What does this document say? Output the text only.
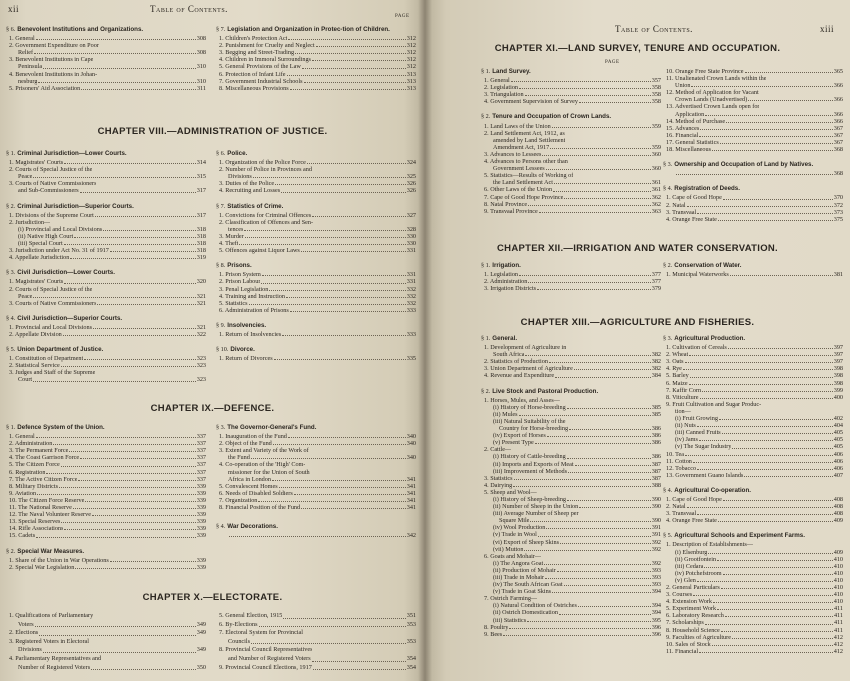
xii	Table of Contents.
§ 6. Benevolent Institutions and Organizations.
1. General	308
2. Government Expenditure on Poor
Relief	308
3. Benevolent Institutions in Cape
Peninsula	310
4. Benevolent Institutions in Johan-
nesburg	310
5. Prisoners' Aid Association	311
PAGE
§ 7. Legislation and Organization in Protec-tion of Children.
1. Children's Protection Act	312
2. Punishment for Cruelty and Neglect	312
3. Begging and Street-Trading	312
4. Children in Immoral Surroundings	312
5. General Provisions of the Law	312
6. Protection of Infant Life	313
7. Government Industrial Schools	313
8. Miscellaneous Provisions	313
CHAPTER VIII.—ADMINISTRATION OF JUSTICE.
§ 1. Criminal Jurisdiction—Lower Courts.
1. Magistrates' Courts	314
2. Courts of Special Justice of the
Peace	315
3. Courts of Native Commissioners
and Sub-Commissioners	317
§ 2. Criminal Jurisdiction—Superior Courts.
1. Divisions of the Supreme Court	317
2. Jurisdiction—
(i) Provincial and Local Divisions	318
(ii) Native High Court	318
(iii) Special Court	318
3. Jurisdiction under Act No. 31 of 1917	318
4. Appellate Jurisdiction	319
§ 3. Civil Jurisdiction—Lower Courts.
1. Magistrates' Courts	320
2. Courts of Special Justice of the
Peace	321
3. Courts of Native Commissioners	321
§ 4. Civil Jurisdiction—Superior Courts.
1. Provincial and Local Divisions	321
2. Appellate Division	322
§ 5. Union Department of Justice.
1. Constitution of Department	323
2. Statistical Service	323
3. Judges and Staff of the Supreme
Court	323
§ 6. Police.
1. Organization of the Police Force	324
2. Number of Police in Provinces and
Divisions	325
3. Duties of the Police	326
4. Recruiting and Losses	326
§ 7. Statistics of Crime.
1. Convictions for Criminal Offences	327
2. Classification of Offences and Sen-
tences	328
3. Murder	330
4. Theft	330
5. Offences against Liquor Laws	331
§ 8. Prisons.
1. Prison System	331
2. Prison Labour	331
3. Penal Legislation	332
4. Training and Instruction	332
5. Statistics	332
6. Administration of Prisons	333
§ 9. Insolvencies.
1. Return of Insolvencies	333
§ 10. Divorce.
1. Return of Divorces	335
CHAPTER IX.—DEFENCE.
§ 1. Defence System of the Union.
1. General	337
2. Administration	337
3. The Permanent Force	337
4. The Coast Garrison Force	337
5. The Citizen Force	337
6. Registration	337
7. The Active Citizen Force	337
8. Military Districts	339
9. Aviation	339
10. The Citizen Force Reserve	339
11. The National Reserve	339
12. The Naval Volunteer Reserve	339
13. Special Reserves	339
14. Rifle Associations	339
15. Cadets	339
§ 2. Special War Measures.
1. Share of the Union in War Operations	339
2. Special War Legislation	339
§ 3. The Governor-General's Fund.
1. Inauguration of the Fund	340
2. Object of the Fund	340
3. Extent and Variety of the Work of
the Fund	340
4. Co-operation of the 'High' Com-
missioner for the Union of South
Africa in London	341
5. Convalescent Homes	341
6. Needs of Disabled Soldiers	341
7. Organization	341
8. Financial Position of the Fund	341
§ 4. War Decorations.
342
CHAPTER X.—ELECTORATE.
1. Qualifications of Parliamentary
Voters	349
2. Elections	349
3. Registered Voters in Electoral
Divisions	349
4. Parliamentary Representatives and
Number of Registered Voters	350
5. General Election, 1915	351
6. By-Elections	353
7. Electoral System for Provincial
Councils	353
8. Provincial Council Representatives
and Number of Registered Voters	354
9. Provincial Council Elections, 1917	354
Table of Contents.	xiii
CHAPTER XI.—LAND SURVEY, TENURE AND OCCUPATION.
PAGE
§ 1. Land Survey.
1. General	357
2. Legislation	358
3. Triangulation	358
4. Government Supervision of Survey	358
§ 2. Tenure and Occupation of Crown Lands.
1. Land Laws of the Union	359
2. Land Settlement Act, 1912, as
amended by Land Settlement
Amendment Act, 1917	359
3. Advances to Lessees	360
4. Advances to Persons other than
Government Lessees	360
5. Statistics—Results of Working of
the Land Settlement Act	361
6. Other Laws of the Union	361
7. Cape of Good Hope Province	362
8. Natal Province	362
9. Transvaal Province	363
10. Orange Free State Province	365
11. Unalienated Crown Lands within the
Union	366
12. Method of Application for Vacant
Crown Lands (Unadvertised)	366
13. Advertised Crown Lands open for
Application	366
14. Method of Purchase	366
15. Advances	367
16. Financial	367
17. General Statistics	367
18. Miscellaneous	368
§ 3. Ownership and Occupation of Land by Natives.
368
§ 4. Registration of Deeds.
1. Cape of Good Hope	370
2. Natal	372
3. Transvaal	373
4. Orange Free State	375
CHAPTER XII.—IRRIGATION AND WATER CONSERVATION.
§ 1. Irrigation.
1. Legislation	377
2. Administration	377
3. Irrigation Districts	379
§ 2. Conservation of Water.
1. Municipal Waterworks	381
CHAPTER XIII.—AGRICULTURE AND FISHERIES.
§ 1. General.
1. Development of Agriculture in
South Africa	382
2. Statistics of Production	382
3. Union Department of Agriculture	382
4. Revenue and Expenditure	384
§ 2. Live Stock and Pastoral Production.
1. Horses, Mules, and Asses—
(i) History of Horse-breeding	385
(ii) Mules	385
(iii) Natural Suitability of the
Country for Horse-breeding	386
(iv) Export of Horses	386
(v) Present Type	386
2. Cattle—
(i) History of Cattle-breeding	386
(ii) Imports and Exports of Meat	387
(iii) Improvement of Methods	387
3. Statistics	387
4. Dairying	388
5. Sheep and Wool—
(i) History of Sheep-breeding	390
(ii) Number of Sheep in the Union	390
(iii) Average Number of Sheep per
Square Mile	390
(iv) Wool Production	391
(v) Trade in Wool	391
(vi) Export of Sheep Skins	392
(vii) Mutton	392
6. Goats and Mohair—
(i) The Angora Goat	392
(ii) Production of Mohair	393
(iii) Trade in Mohair	393
(iv) The South African Goat	393
(v) Trade in Goat Skins	394
7. Ostrich Farming—
(i) Natural Condition of Ostriches	394
(ii) Ostrich Domestication	394
(iii) Statistics	395
8. Poultry	396
9. Bees	396
§ 3. Agricultural Production.
1. Cultivation of Cereals	397
2. Wheat	397
3. Oats	397
4. Rye	398
5. Barley	398
6. Maize	398
7. Kaffir Corn	399
8. Viticulture	400
9. Fruit Cultivation and Sugar Produc-
tion—
(i) Fruit Growing	402
(ii) Nuts	404
(iii) Canned Fruits	405
(iv) Jams	405
(v) The Sugar Industry	405
10. Tea	406
11. Cotton	406
12. Tobacco	406
13. Government Guano Islands	407
§ 4. Agricultural Co-operation.
1. Cape of Good Hope	408
2. Natal	408
3. Transvaal	408
4. Orange Free State	409
§ 5. Agricultural Schools and Experiment Farms.
1. Description of Establishments—
(i) Elsenburg	409
(ii) Grootfontein	410
(iii) Cedara	410
(iv) Potchefstroom	410
(v) Glen	410
2. General Particulars	410
3. Courses	410
4. Extension Work	410
5. Experiment Work	411
6. Laboratory Research	411
7. Scholarships	411
8. Household Science	411
9. Faculties of Agriculture	412
10. Sales of Stock	412
11. Financial	412
